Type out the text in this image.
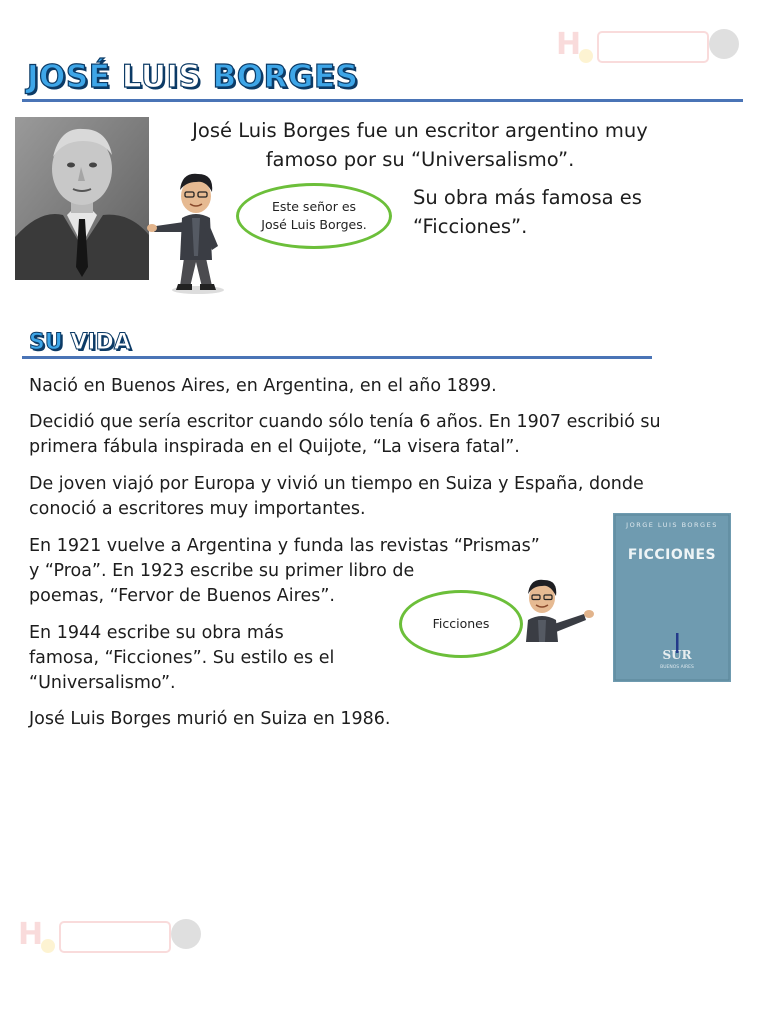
JOSÉ LUIS BORGES
José Luis Borges fue un escritor argentino muy
famoso por su “Universalismo”.
Su obra más famosa es
“Ficciones”.
Este señor es
José Luis Borges.
SU VIDA
Nació en Buenos Aires, en Argentina, en el año 1899.
Decidió que sería escritor cuando sólo tenía 6 años. En 1907 escribió su
primera fábula inspirada en el Quijote, “La visera fatal”.
De joven viajó por Europa y vivió un tiempo en Suiza y España, donde
conoció a escritores muy importantes.
En 1921 vuelve a Argentina y funda las revistas “Prismas”
y “Proa”. En 1923 escribe su primer libro de
poemas, “Fervor de Buenos Aires”.
En 1944 escribe su obra más
famosa, “Ficciones”. Su estilo es el
“Universalismo”.
José Luis Borges murió en Suiza en 1986.
Ficciones
JORGE LUIS BORGES
FICCIONES
SUR
BUENOS AIRES
H
H
